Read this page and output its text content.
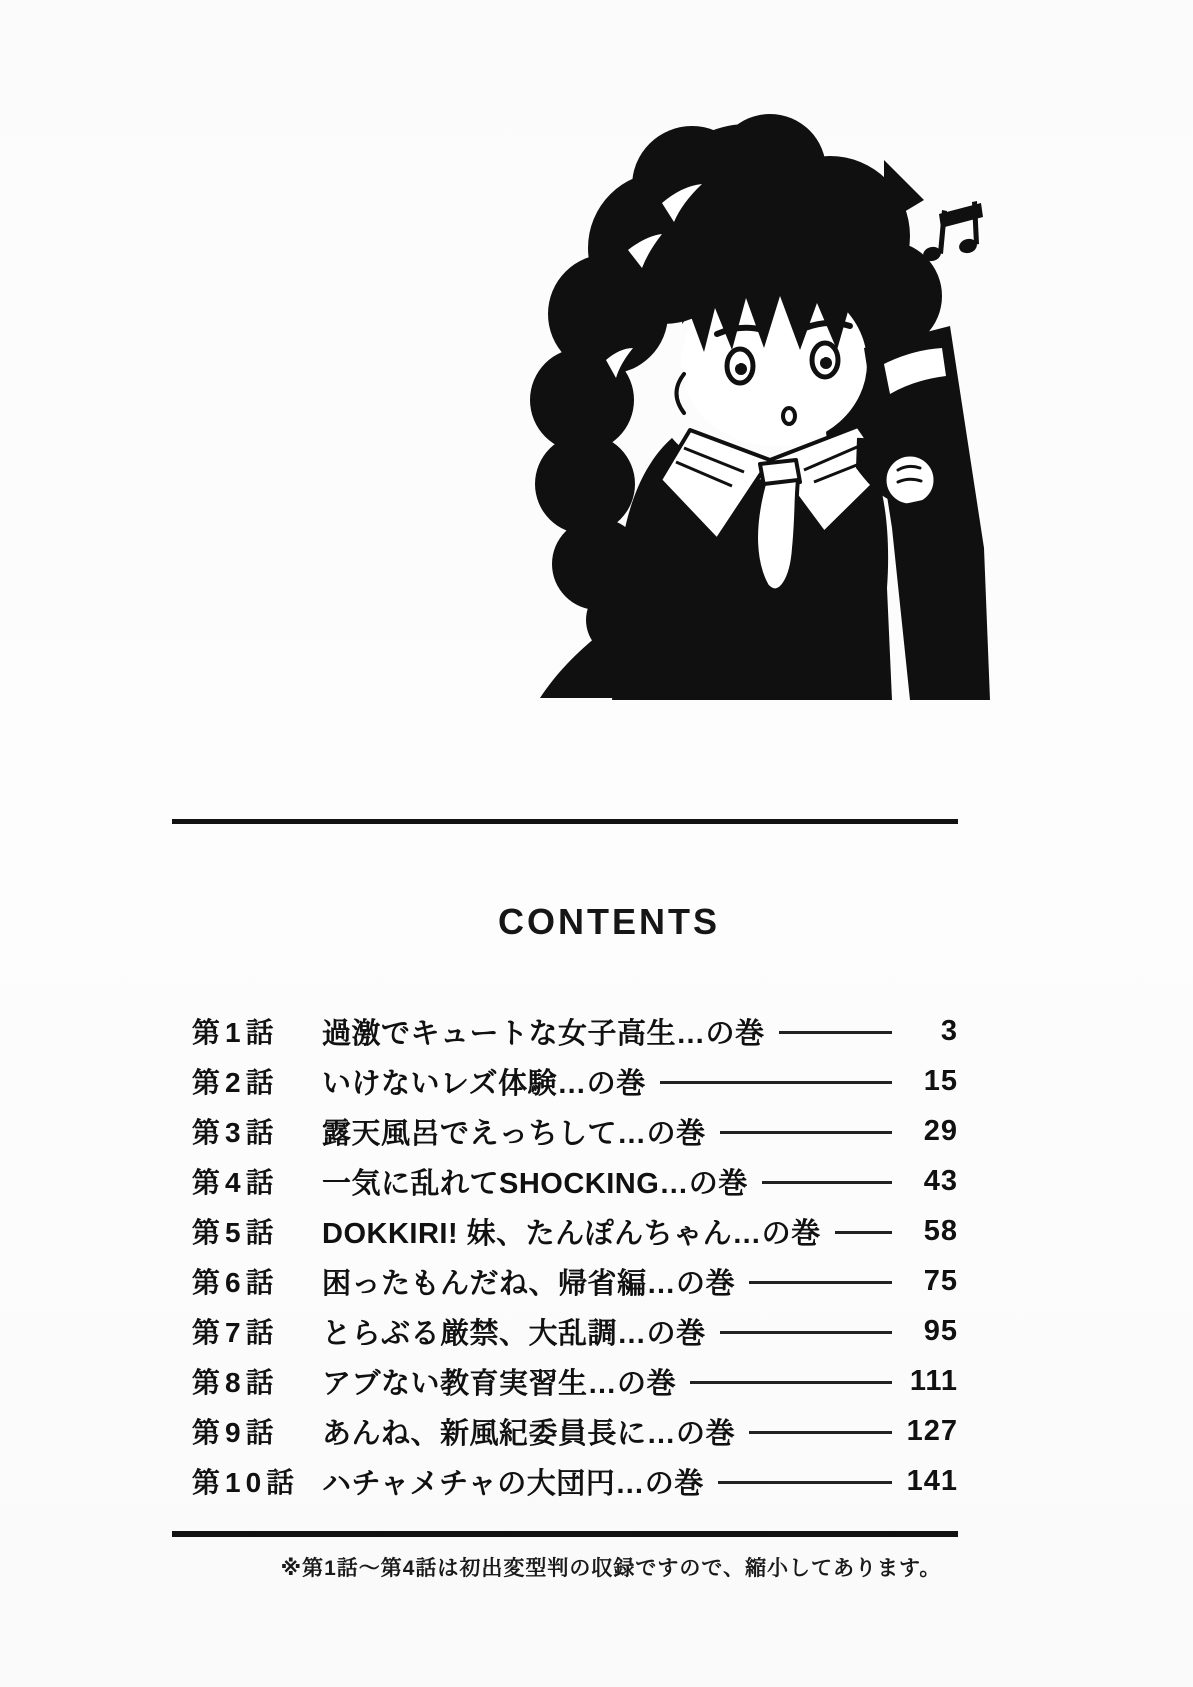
CONTENTS
第1話	過激でキュートな女子高生…の巻	3
第2話	いけないレズ体験…の巻	15
第3話	露天風呂でえっちして…の巻	29
第4話	一気に乱れてSHOCKING…の巻	43
第5話	DOKKIRI! 妹、たんぽんちゃん…の巻	58
第6話	困ったもんだね、帰省編…の巻	75
第7話	とらぶる厳禁、大乱調…の巻	95
第8話	アブない教育実習生…の巻	111
第9話	あんね、新風紀委員長に…の巻	127
第10話 ハチャメチャの大団円…の巻	141
※第1話～第4話は初出変型判の収録ですので、縮小してあります。
